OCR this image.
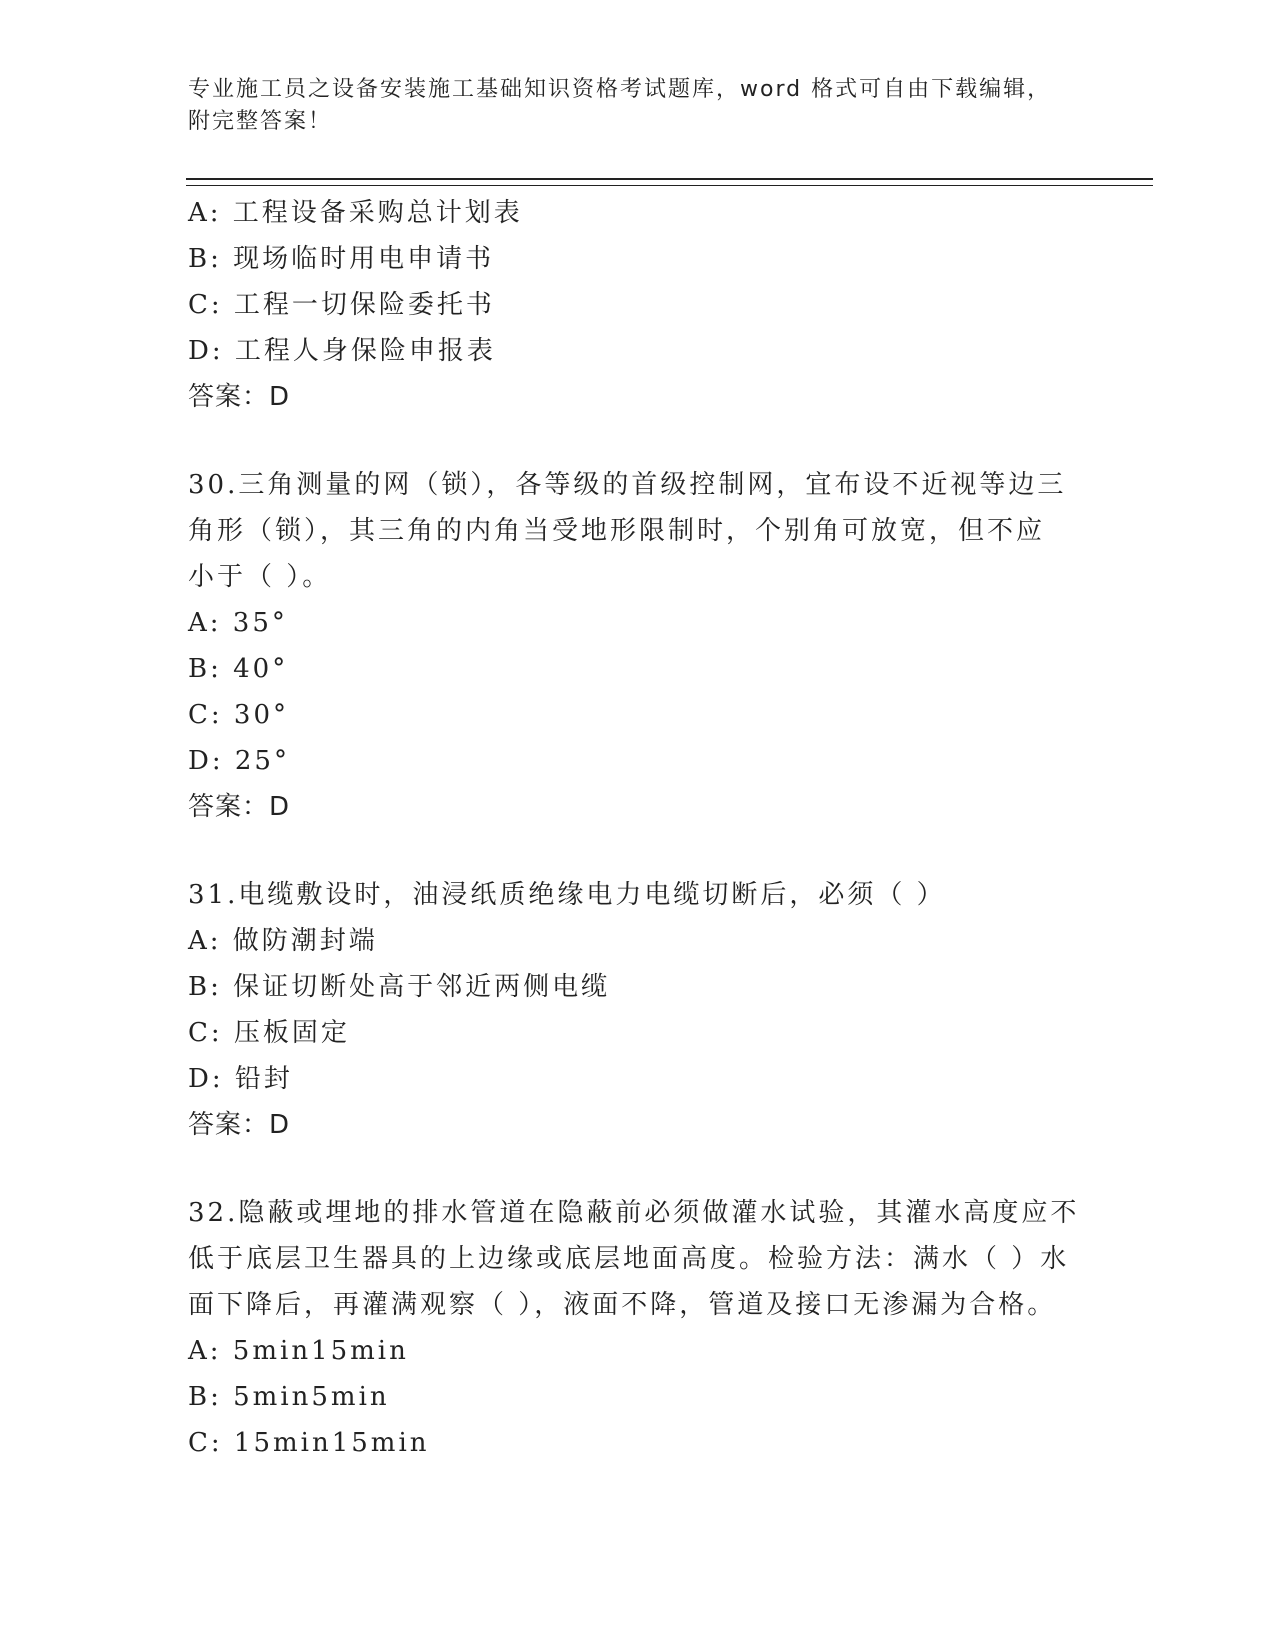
专业施工员之设备安装施工基础知识资格考试题库，word 格式可自由下载编辑，
附完整答案！
A: 工程设备采购总计划表
B: 现场临时用电申请书
C: 工程一切保险委托书
D: 工程人身保险申报表
答案：D
30.三角测量的网（锁），各等级的首级控制网，宜布设不近视等边三
角形（锁），其三角的内角当受地形限制时，个别角可放宽，但不应
小于（ ）。
A: 35°
B: 40°
C: 30°
D: 25°
答案：D
31.电缆敷设时，油浸纸质绝缘电力电缆切断后，必须（ ）
A: 做防潮封端
B: 保证切断处高于邻近两侧电缆
C: 压板固定
D: 铅封
答案：D
32.隐蔽或埋地的排水管道在隐蔽前必须做灌水试验，其灌水高度应不
低于底层卫生器具的上边缘或底层地面高度。检验方法：满水（ ）水
面下降后，再灌满观察（ ），液面不降，管道及接口无渗漏为合格。
A: 5min15min
B: 5min5min
C: 15min15min
